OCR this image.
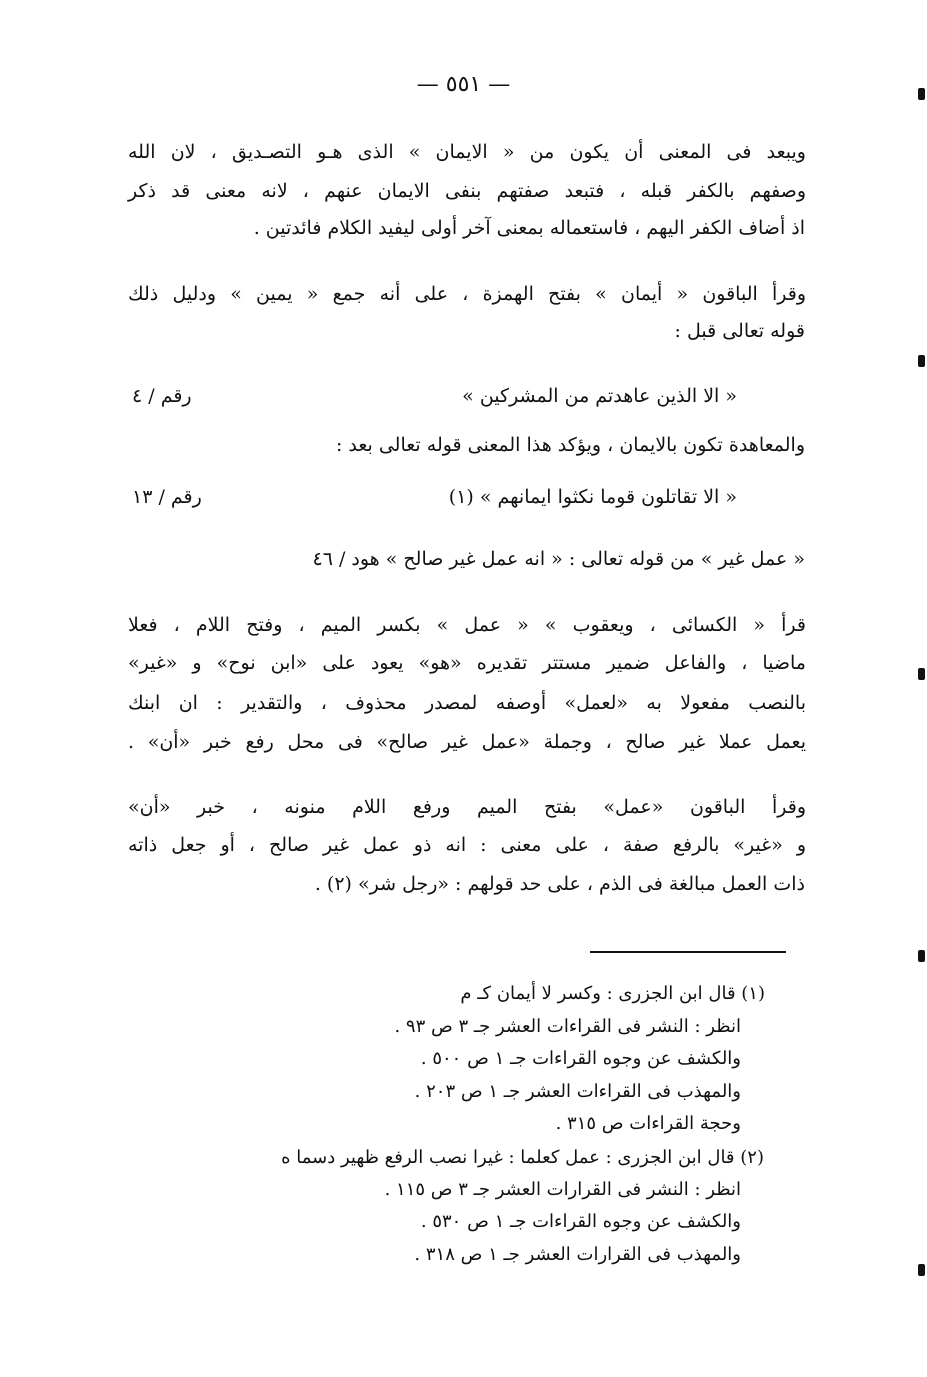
— ٥٥١ —
ويبعد فى المعنى أن يكون من « الايمان » الذى هـو التصـديق ، لان الله
وصفهم بالكفر قبله ، فتبعد صفتهم بنفى الايمان عنهم ، لانه معنى قد ذكر
اذ أضاف الكفر اليهم ، فاستعماله بمعنى آخر أولى ليفيد الكلام فائدتين .
وقرأ الباقون « أيمان » بفتح الهمزة ، على أنه جمع « يمين » ودليل ذلك
قوله تعالى قبل :
« الا الذين عاهدتم من المشركين »
رقم / ٤
والمعاهدة تكون بالايمان ، ويؤكد هذا المعنى قوله تعالى بعد :
« الا تقاتلون قوما نكثوا ايمانهم » (١)
رقم / ١٣
« عمل غير » من قوله تعالى : « انه عمل غير صالح » هود / ٤٦
قرأ « الكسائى ، ويعقوب » « عمل » بكسر الميم ، وفتح اللام ، فعلا
ماضيا ، والفاعل ضمير مستتر تقديره «هو» يعود على «ابن نوح» و «غير»
بالنصب مفعولا به «لعمل» أوصفه لمصدر محذوف ، والتقدير : ان ابنك
يعمل عملا غير صالح ، وجملة «عمل غير صالح» فى محل رفع خبر «أن» .
وقرأ الباقون «عمل» بفتح الميم ورفع اللام منونه ، خبر «أن»
و «غير» بالرفع صفة ، على معنى : انه ذو عمل غير صالح ، أو جعل ذاته
ذات العمل مبالغة فى الذم ، على حد قولهم : «رجل شر» (٢) .
(١) قال ابن الجزرى : وكسر لا أيمان كـ م
انظر : النشر فى القراءات العشر جـ ٣ ص ٩٣ .
والكشف عن وجوه القراءات جـ ١ ص ٥٠٠ .
والمهذب فى القراءات العشر جـ ١ ص ٢٠٣ .
وحجة القراءات ص ٣١٥ .
(٢) قال ابن الجزرى : عمل كعلما : غيرا نصب الرفع ظهير دسما ه
انظر : النشر فى القرارات العشر جـ ٣ ص ١١٥ .
والكشف عن وجوه القراءات جـ ١ ص ٥٣٠ .
والمهذب فى القرارات العشر جـ ١ ص ٣١٨ .
